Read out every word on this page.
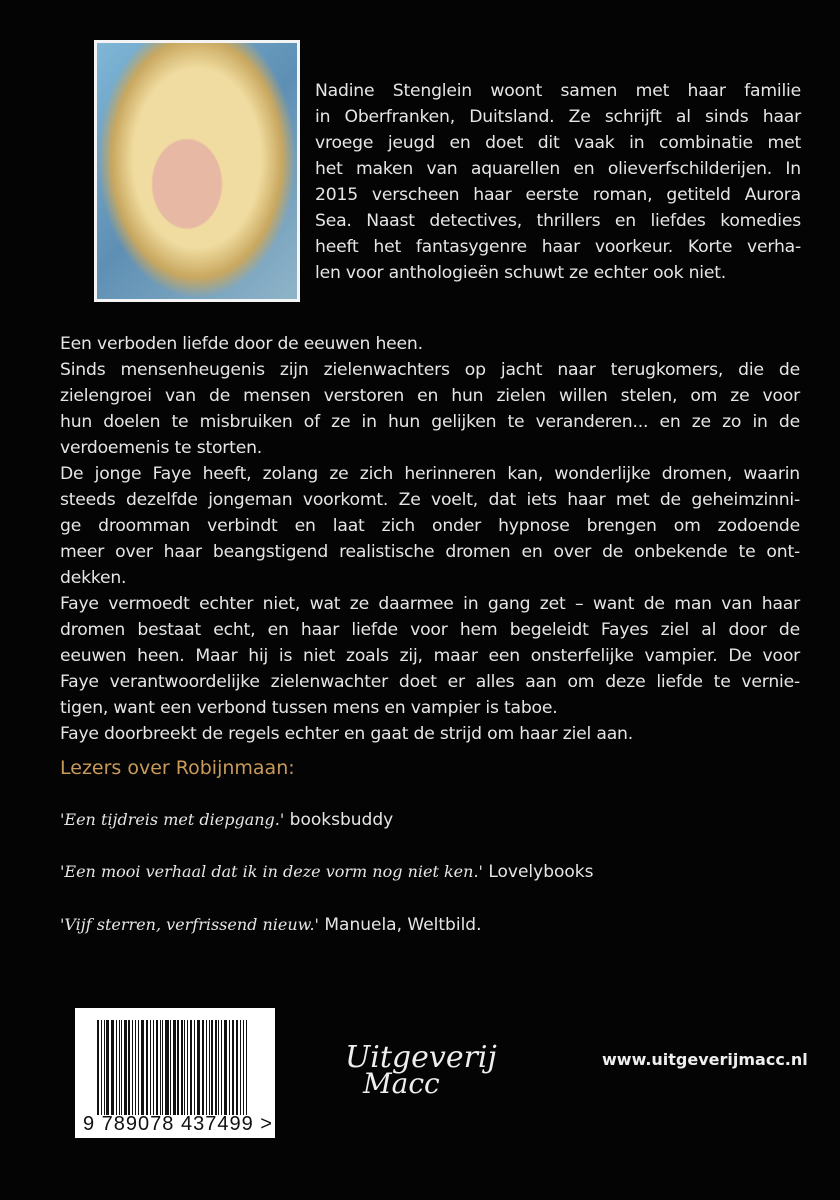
Nadine Stenglein woont samen met haar familie
in Oberfranken, Duitsland. Ze schrijft al sinds haar
vroege jeugd en doet dit vaak in combinatie met
het maken van aquarellen en olieverfschilderijen. In
2015 verscheen haar eerste roman, getiteld Aurora
Sea. Naast detectives, thrillers en liefdes komedies
heeft het fantasygenre haar voorkeur. Korte verha-
len voor anthologieën schuwt ze echter ook niet.
Een verboden liefde door de eeuwen heen.
Sinds mensenheugenis zijn zielenwachters op jacht naar terugkomers, die de
zielengroei van de mensen verstoren en hun zielen willen stelen, om ze voor
hun doelen te misbruiken of ze in hun gelijken te veranderen... en ze zo in de
verdoemenis te storten.
De jonge Faye heeft, zolang ze zich herinneren kan, wonderlijke dromen, waarin
steeds dezelfde jongeman voorkomt. Ze voelt, dat iets haar met de geheimzinni-
ge droomman verbindt en laat zich onder hypnose brengen om zodoende
meer over haar beangstigend realistische dromen en over de onbekende te ont-
dekken.
Faye vermoedt echter niet, wat ze daarmee in gang zet – want de man van haar
dromen bestaat echt, en haar liefde voor hem begeleidt Fayes ziel al door de
eeuwen heen. Maar hij is niet zoals zij, maar een onsterfelijke vampier. De voor
Faye verantwoordelijke zielenwachter doet er alles aan om deze liefde te vernie-
tigen, want een verbond tussen mens en vampier is taboe.
Faye doorbreekt de regels echter en gaat de strijd om haar ziel aan.
Lezers over Robijnmaan:
'Een tijdreis met diepgang.' booksbuddy
'Een mooi verhaal dat ik in deze vorm nog niet ken.' Lovelybooks
'Vijf sterren, verfrissend nieuw.' Manuela, Weltbild.
9 789078 437499 >
Uitgeverij
Macc
www.uitgeverijmacc.nl
